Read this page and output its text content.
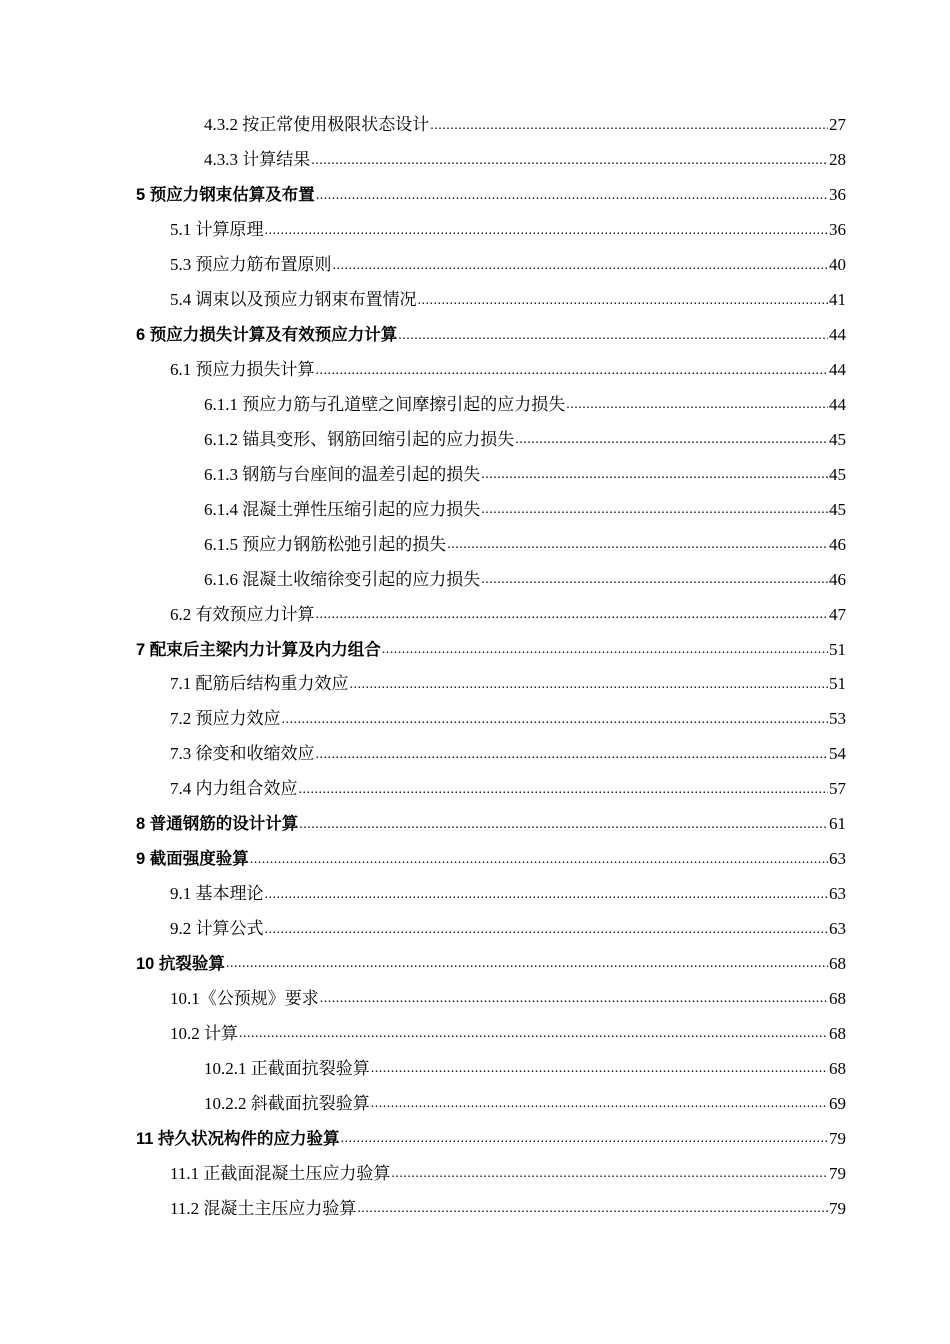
4.3.2 按正常使用极限状态设计 .....	27
4.3.3 计算结果 .....	28
5 预应力钢束估算及布置 .....	36
5.1 计算原理 .....	36
5.3 预应力筋布置原则 .....	40
5.4 调束以及预应力钢束布置情况 .....	41
6 预应力损失计算及有效预应力计算 .....	44
6.1 预应力损失计算 .....	44
6.1.1 预应力筋与孔道壁之间摩擦引起的应力损失 .....	44
6.1.2 锚具变形、钢筋回缩引起的应力损失 .....	45
6.1.3 钢筋与台座间的温差引起的损失 .....	45
6.1.4 混凝土弹性压缩引起的应力损失 .....	45
6.1.5 预应力钢筋松弛引起的损失 .....	46
6.1.6 混凝土收缩徐变引起的应力损失 .....	46
6.2 有效预应力计算 .....	47
7 配束后主梁内力计算及内力组合 .....	51
7.1 配筋后结构重力效应 .....	51
7.2 预应力效应 .....	53
7.3 徐变和收缩效应 .....	54
7.4 内力组合效应 .....	57
8 普通钢筋的设计计算 .....	61
9 截面强度验算 .....	63
9.1 基本理论 .....	63
9.2 计算公式 .....	63
10 抗裂验算 .....	68
10.1《公预规》要求 .....	68
10.2 计算 .....	68
10.2.1 正截面抗裂验算 .....	68
10.2.2 斜截面抗裂验算 .....	69
11 持久状况构件的应力验算 .....	79
11.1 正截面混凝土压应力验算 .....	79
11.2 混凝土主压应力验算 .....	79
